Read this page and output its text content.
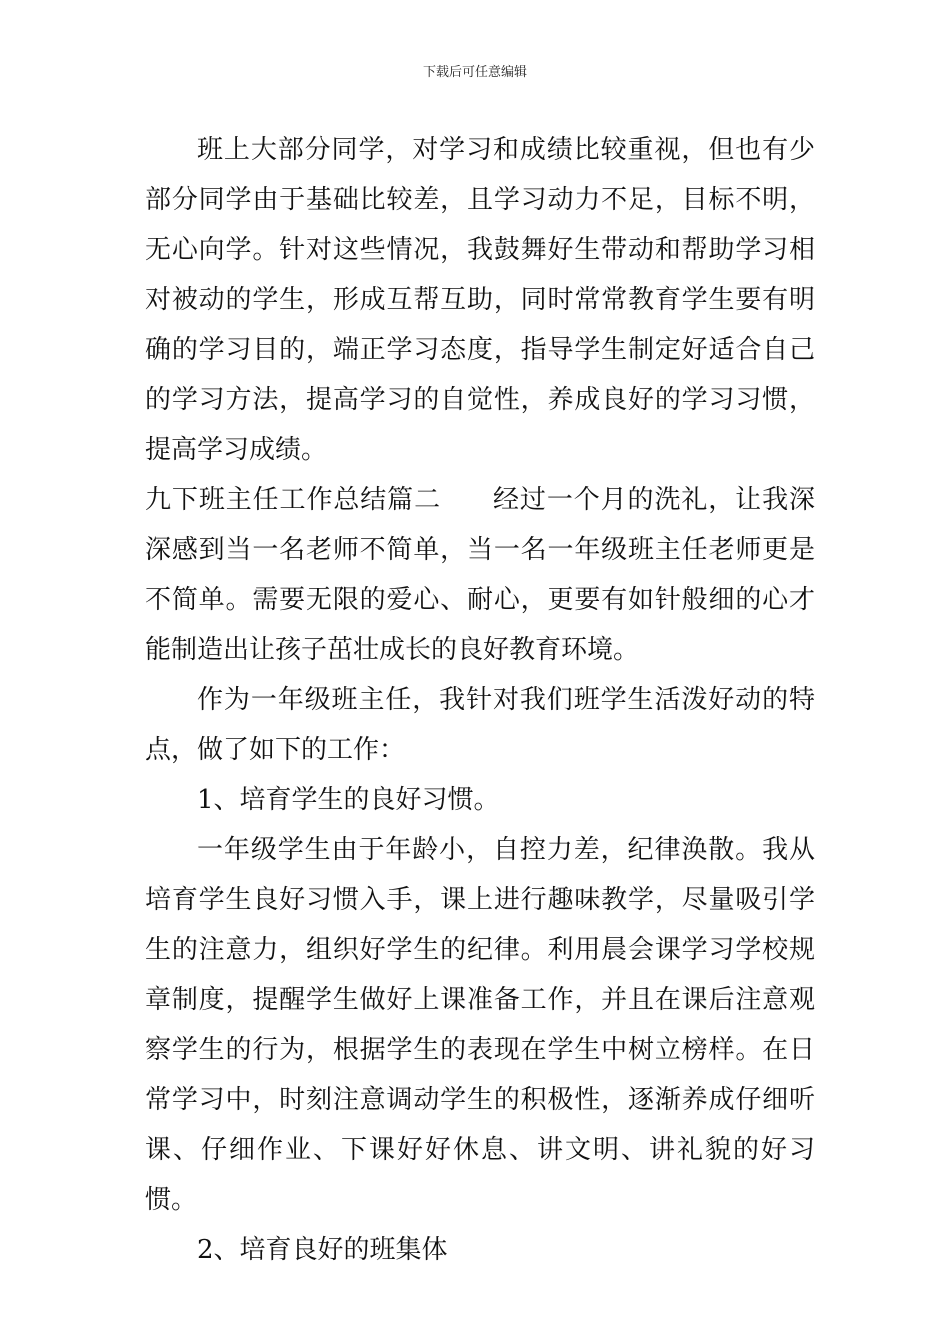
下载后可任意编辑

班上大部分同学，对学习和成绩比较重视，但也有少部分同学由于基础比较差，且学习动力不足，目标不明，无心向学。针对这些情况，我鼓舞好生带动和帮助学习相对被动的学生，形成互帮互助，同时常常教育学生要有明确的学习目的，端正学习态度，指导学生制定好适合自己的学习方法，提高学习的自觉性，养成良好的学习习惯，提高学习成绩。

九下班主任工作总结篇二 经过一个月的洗礼，让我深深感到当一名老师不简单，当一名一年级班主任老师更是不简单。需要无限的爱心、耐心，更要有如针般细的心才能制造出让孩子茁壮成长的良好教育环境。

作为一年级班主任，我针对我们班学生活泼好动的特点，做了如下的工作：

1、培育学生的良好习惯。

一年级学生由于年龄小，自控力差，纪律涣散。我从培育学生良好习惯入手，课上进行趣味教学，尽量吸引学生的注意力，组织好学生的纪律。利用晨会课学习学校规章制度，提醒学生做好上课准备工作，并且在课后注意观察学生的行为，根据学生的表现在学生中树立榜样。在日常学习中，时刻注意调动学生的积极性，逐渐养成仔细听课、仔细作业、下课好好休息、讲文明、讲礼貌的好习惯。

2、培育良好的班集体
